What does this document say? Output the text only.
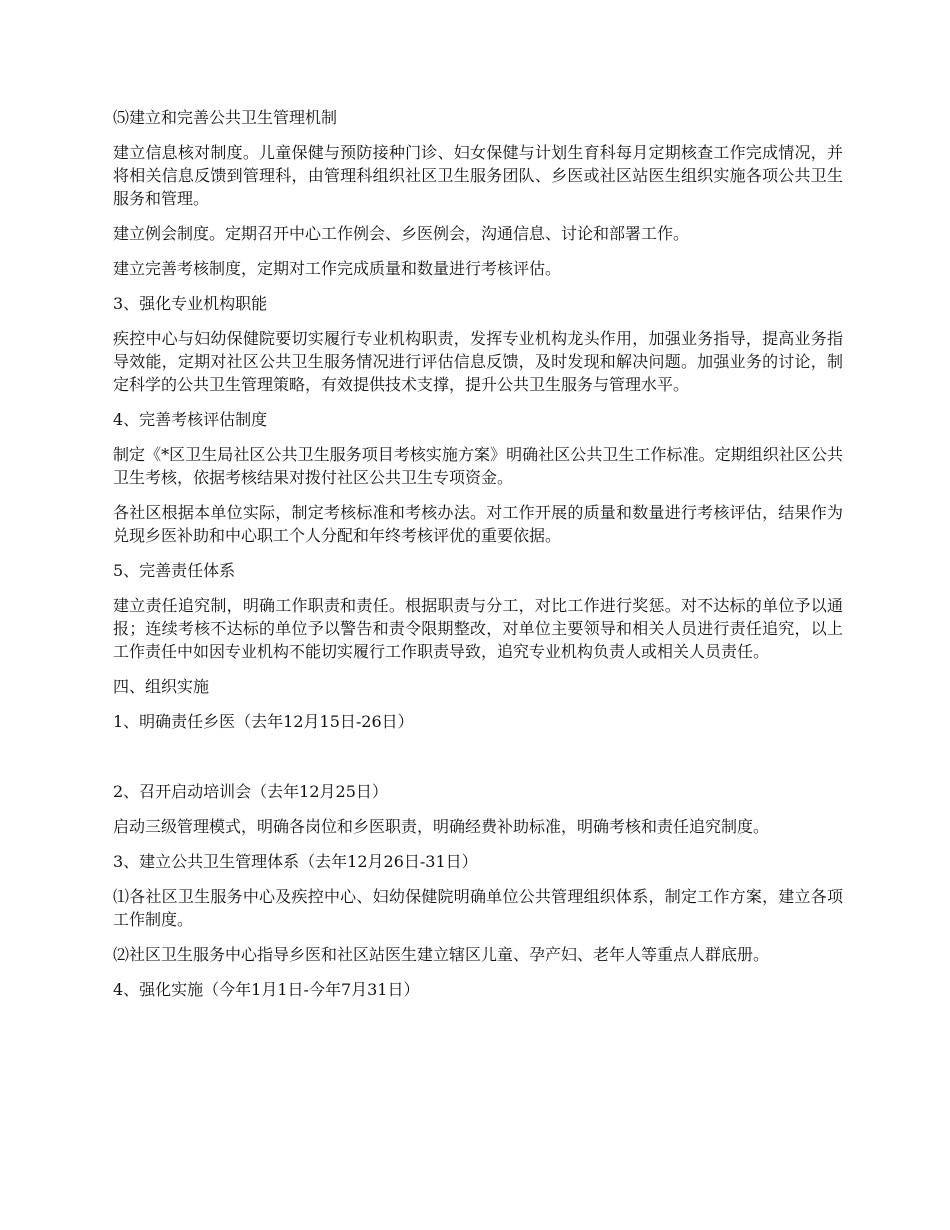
⑸建立和完善公共卫生管理机制

建立信息核对制度。儿童保健与预防接种门诊、妇女保健与计划生育科每月定期核查工作完成情况，并将相关信息反馈到管理科，由管理科组织社区卫生服务团队、乡医或社区站医生组织实施各项公共卫生服务和管理。

建立例会制度。定期召开中心工作例会、乡医例会，沟通信息、讨论和部署工作。

建立完善考核制度，定期对工作完成质量和数量进行考核评估。

3、强化专业机构职能

疾控中心与妇幼保健院要切实履行专业机构职责，发挥专业机构龙头作用，加强业务指导，提高业务指导效能，定期对社区公共卫生服务情况进行评估信息反馈，及时发现和解决问题。加强业务的讨论，制定科学的公共卫生管理策略，有效提供技术支撑，提升公共卫生服务与管理水平。

4、完善考核评估制度

制定《*区卫生局社区公共卫生服务项目考核实施方案》明确社区公共卫生工作标准。定期组织社区公共卫生考核，依据考核结果对拨付社区公共卫生专项资金。

各社区根据本单位实际，制定考核标准和考核办法。对工作开展的质量和数量进行考核评估，结果作为兑现乡医补助和中心职工个人分配和年终考核评优的重要依据。

5、完善责任体系

建立责任追究制，明确工作职责和责任。根据职责与分工，对比工作进行奖惩。对不达标的单位予以通报；连续考核不达标的单位予以警告和责令限期整改，对单位主要领导和相关人员进行责任追究，以上工作责任中如因专业机构不能切实履行工作职责导致，追究专业机构负责人或相关人员责任。

四、组织实施

1、明确责任乡医（去年12月15日-26日）

2、召开启动培训会（去年12月25日）

启动三级管理模式，明确各岗位和乡医职责，明确经费补助标准，明确考核和责任追究制度。

3、建立公共卫生管理体系（去年12月26日-31日）

⑴各社区卫生服务中心及疾控中心、妇幼保健院明确单位公共管理组织体系，制定工作方案，建立各项工作制度。

⑵社区卫生服务中心指导乡医和社区站医生建立辖区儿童、孕产妇、老年人等重点人群底册。

4、强化实施（今年1月1日-今年7月31日）
